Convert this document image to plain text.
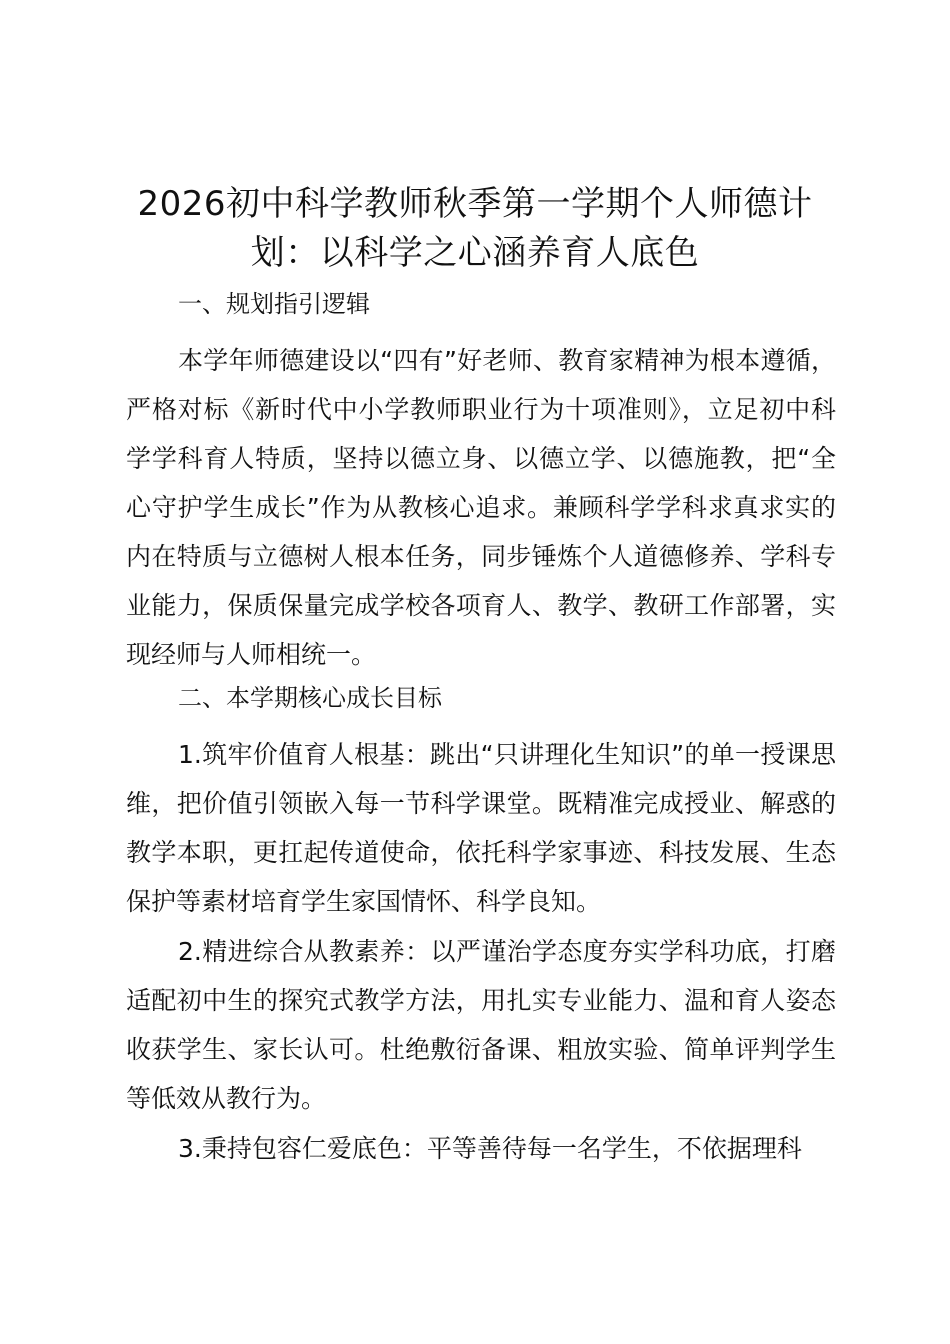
2026初中科学教师秋季第一学期个人师德计划：以科学之心涵养育人底色
一、规划指引逻辑

本学年师德建设以“四有”好老师、教育家精神为根本遵循，严格对标《新时代中小学教师职业行为十项准则》，立足初中科学学科育人特质，坚持以德立身、以德立学、以德施教，把“全心守护学生成长”作为从教核心追求。兼顾科学学科求真求实的内在特质与立德树人根本任务，同步锤炼个人道德修养、学科专业能力，保质保量完成学校各项育人、教学、教研工作部署，实现经师与人师相统一。

二、本学期核心成长目标

1.筑牢价值育人根基：跳出“只讲理化生知识”的单一授课思维，把价值引领嵌入每一节科学课堂。既精准完成授业、解惑的教学本职，更扛起传道使命，依托科学家事迹、科技发展、生态保护等素材培育学生家国情怀、科学良知。

2.精进综合从教素养：以严谨治学态度夯实学科功底，打磨适配初中生的探究式教学方法，用扎实专业能力、温和育人姿态收获学生、家长认可。杜绝敷衍备课、粗放实验、简单评判学生等低效从教行为。

3.秉持包容仁爱底色：平等善待每一名学生，不依据理科
